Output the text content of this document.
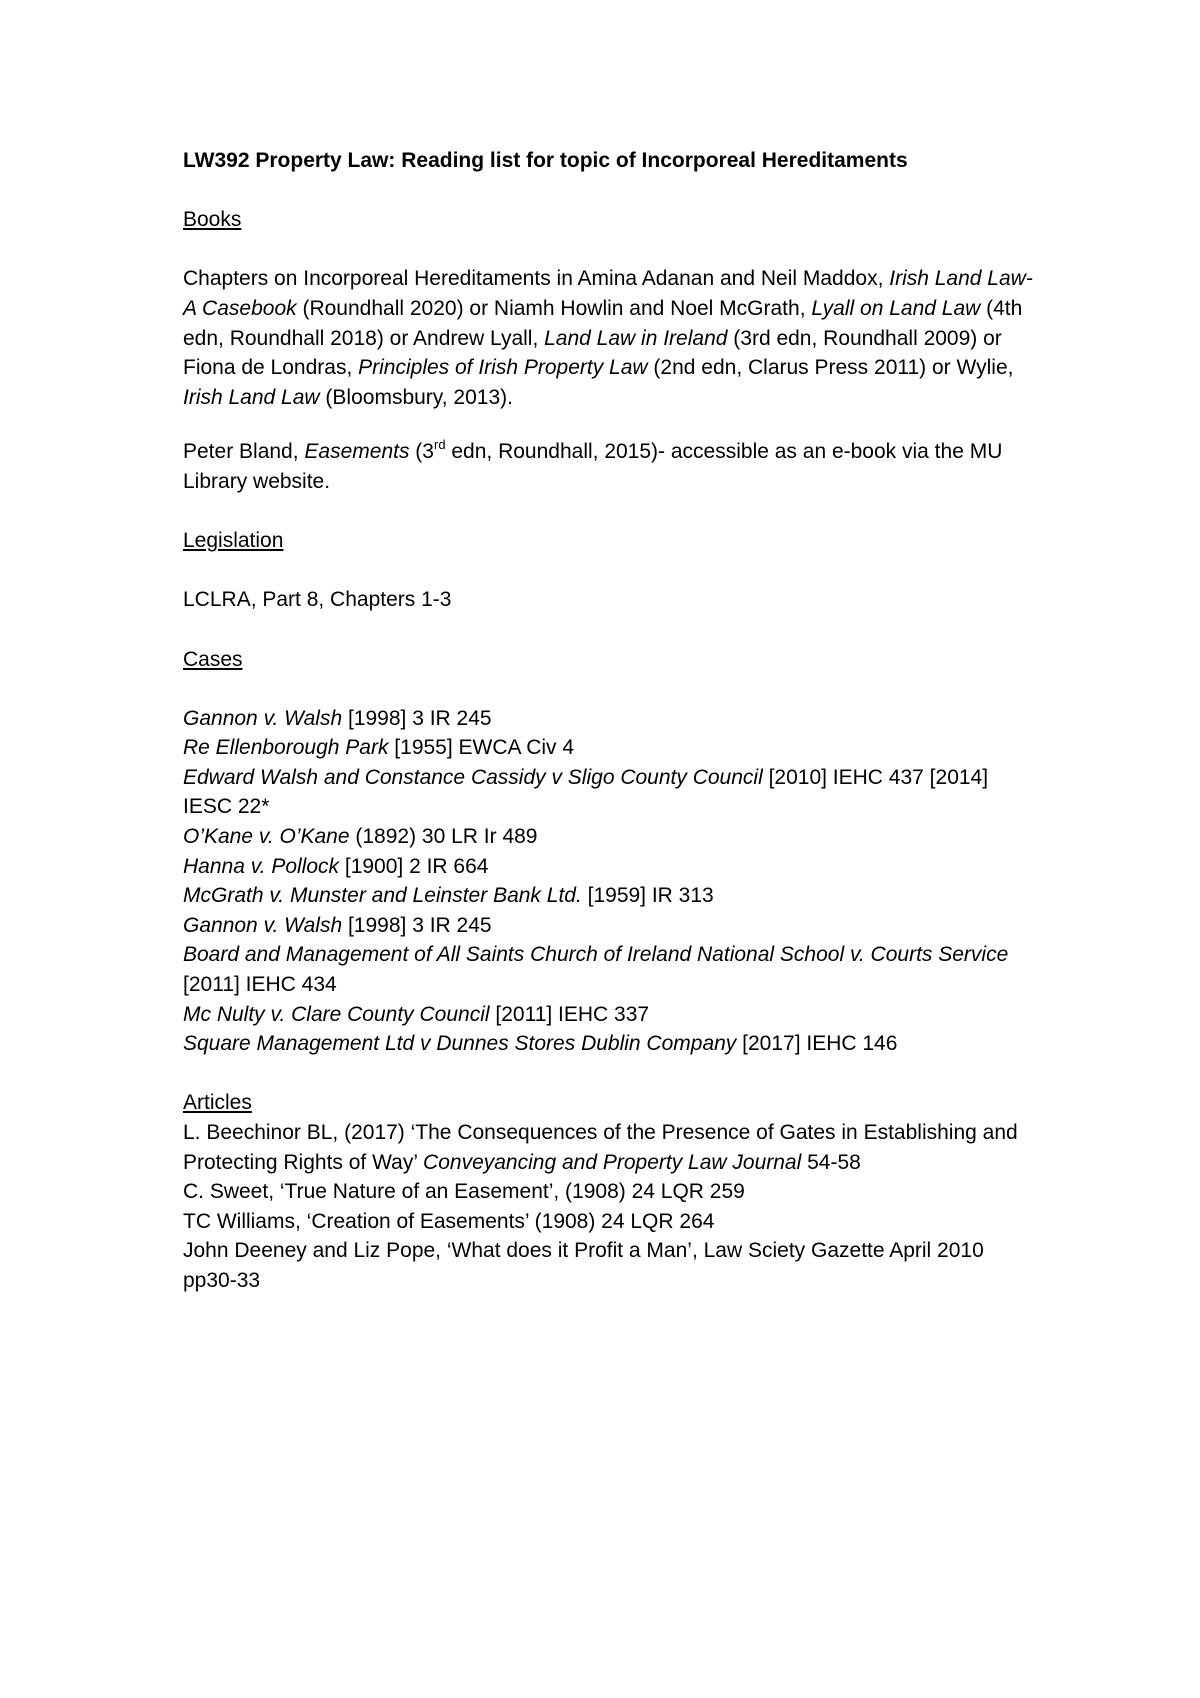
LW392 Property Law: Reading list for topic of Incorporeal Hereditaments

Books

Chapters on Incorporeal Hereditaments in Amina Adanan and Neil Maddox, Irish Land Law- A Casebook (Roundhall 2020) or Niamh Howlin and Noel McGrath, Lyall on Land Law (4th edn, Roundhall 2018) or Andrew Lyall, Land Law in Ireland (3rd edn, Roundhall 2009) or Fiona de Londras, Principles of Irish Property Law (2nd edn, Clarus Press 2011) or Wylie, Irish Land Law (Bloomsbury, 2013).

Peter Bland, Easements (3rd edn, Roundhall, 2015)- accessible as an e-book via the MU Library website.

Legislation

LCLRA, Part 8, Chapters 1-3

Cases

Gannon v. Walsh [1998] 3 IR 245
Re Ellenborough Park [1955] EWCA Civ 4
Edward Walsh and Constance Cassidy v Sligo County Council [2010] IEHC 437 [2014] IESC 22*
O’Kane v. O’Kane (1892) 30 LR Ir 489
Hanna v. Pollock [1900] 2 IR 664
McGrath v. Munster and Leinster Bank Ltd. [1959] IR 313
Gannon v. Walsh [1998] 3 IR 245
Board and Management of All Saints Church of Ireland National School v. Courts Service [2011] IEHC 434
Mc Nulty v. Clare County Council [2011] IEHC 337
Square Management Ltd v Dunnes Stores Dublin Company [2017] IEHC 146

Articles

L. Beechinor BL, (2017) ‘The Consequences of the Presence of Gates in Establishing and Protecting Rights of Way’ Conveyancing and Property Law Journal 54-58
C. Sweet, ‘True Nature of an Easement’, (1908) 24 LQR 259
TC Williams, ‘Creation of Easements’ (1908) 24 LQR 264
John Deeney and Liz Pope, ‘What does it Profit a Man’, Law Sciety Gazette April 2010 pp30-33
